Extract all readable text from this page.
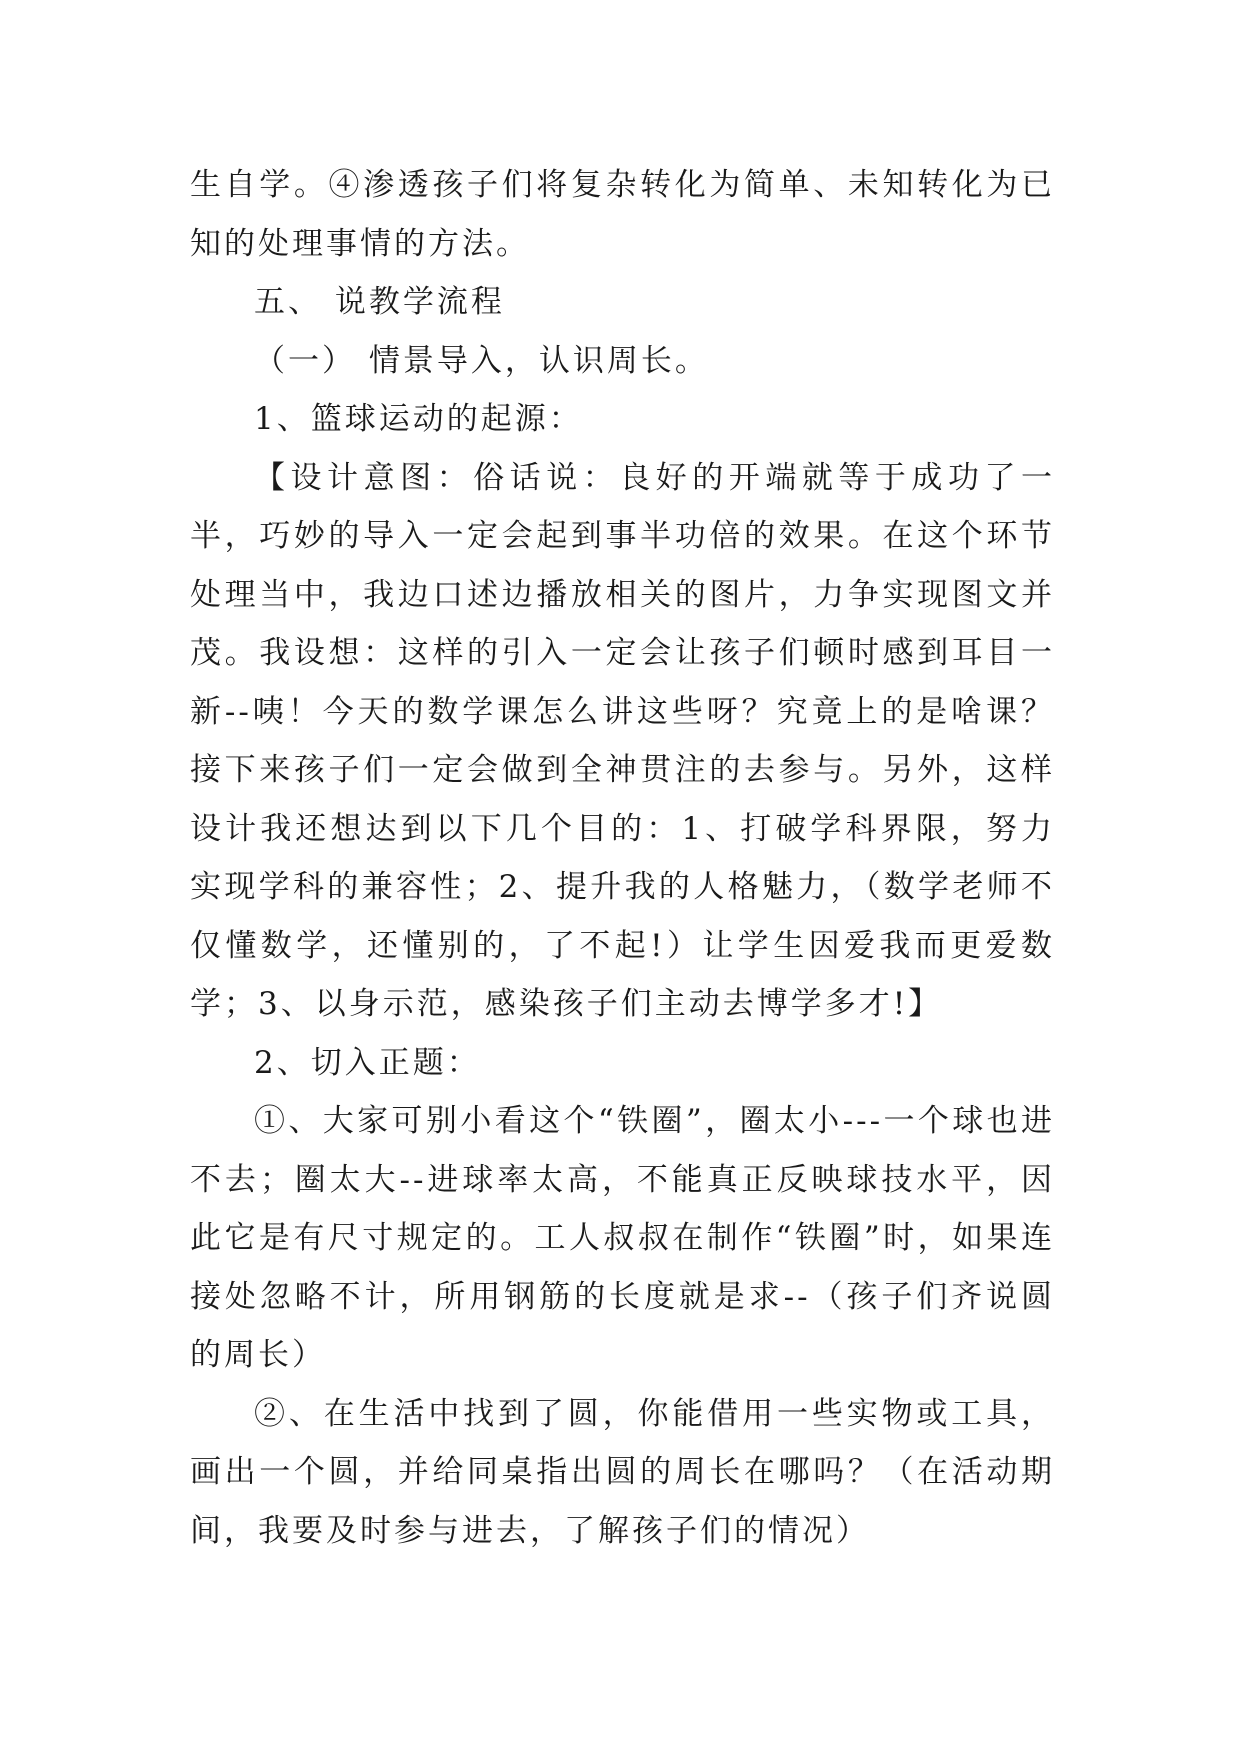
生自学。④渗透孩子们将复杂转化为简单、未知转化为已知的处理事情的方法。

五、 说教学流程

（一） 情景导入，认识周长。

1、篮球运动的起源：

【设计意图：俗话说：良好的开端就等于成功了一半，巧妙的导入一定会起到事半功倍的效果。在这个环节处理当中，我边口述边播放相关的图片，力争实现图文并茂。我设想：这样的引入一定会让孩子们顿时感到耳目一新--咦！今天的数学课怎么讲这些呀？究竟上的是啥课？接下来孩子们一定会做到全神贯注的去参与。另外，这样设计我还想达到以下几个目的：1、打破学科界限，努力实现学科的兼容性；2、提升我的人格魅力，（数学老师不仅懂数学，还懂别的，了不起!）让学生因爱我而更爱数学；3、以身示范，感染孩子们主动去博学多才!】

2、切入正题：

①、大家可别小看这个“铁圈”，圈太小---一个球也进不去；圈太大--进球率太高，不能真正反映球技水平，因此它是有尺寸规定的。工人叔叔在制作“铁圈”时，如果连接处忽略不计，所用钢筋的长度就是求--（孩子们齐说圆的周长）

②、在生活中找到了圆，你能借用一些实物或工具，画出一个圆，并给同桌指出圆的周长在哪吗？（在活动期间，我要及时参与进去，了解孩子们的情况）
